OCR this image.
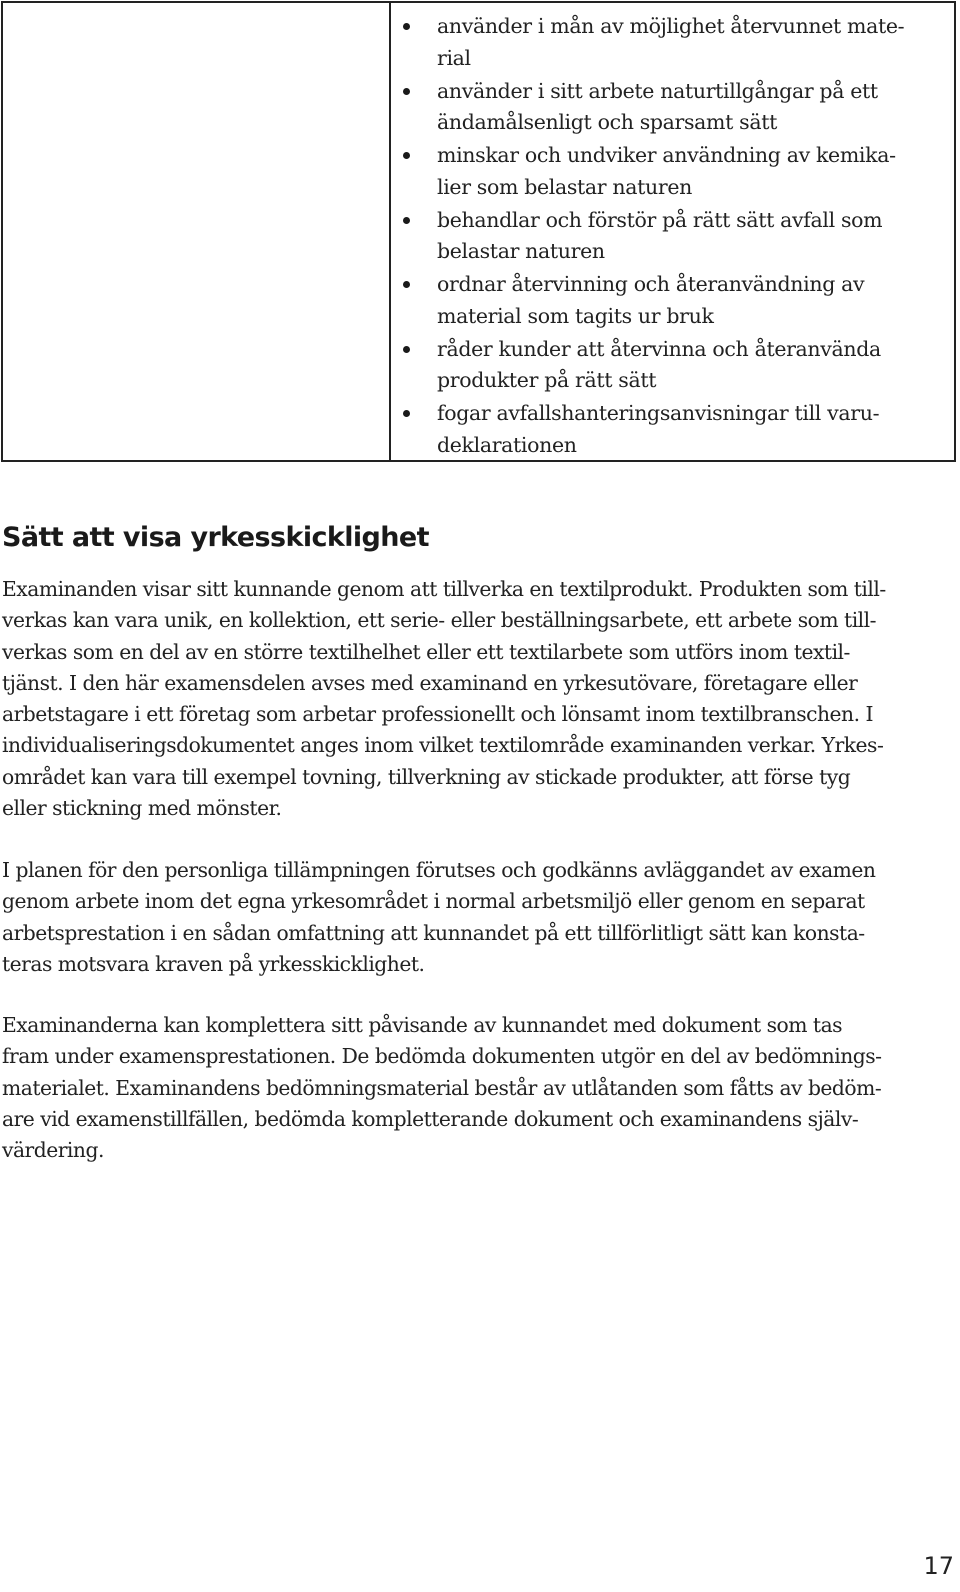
använder i mån av möjlighet återvunnet mate-
rial
använder i sitt arbete naturtillgångar på ett
ändamålsenligt och sparsamt sätt
minskar och undviker användning av kemika-
lier som belastar naturen
behandlar och förstör på rätt sätt avfall som
belastar naturen
ordnar återvinning och återanvändning av
material som tagits ur bruk
råder kunder att återvinna och återanvända
produkter på rätt sätt
fogar avfallshanteringsanvisningar till varu-
deklarationen
Sätt att visa yrkesskicklighet

Examinanden visar sitt kunnande genom att tillverka en textilprodukt. Produkten som till-
verkas kan vara unik, en kollektion, ett serie- eller beställningsarbete, ett arbete som till-
verkas som en del av en större textilhelhet eller ett textilarbete som utförs inom textil-
tjänst. I den här examensdelen avses med examinand en yrkesutövare, företagare eller
arbetstagare i ett företag som arbetar professionellt och lönsamt inom textilbranschen. I
individualiseringsdokumentet anges inom vilket textilområde examinanden verkar. Yrkes-
området kan vara till exempel tovning, tillverkning av stickade produkter, att förse tyg
eller stickning med mönster.

I planen för den personliga tillämpningen förutses och godkänns avläggandet av examen
genom arbete inom det egna yrkesområdet i normal arbetsmiljö eller genom en separat
arbetsprestation i en sådan omfattning att kunnandet på ett tillförlitligt sätt kan konsta-
teras motsvara kraven på yrkesskicklighet.

Examinanderna kan komplettera sitt påvisande av kunnandet med dokument som tas
fram under examensprestationen. De bedömda dokumenten utgör en del av bedömnings-
materialet. Examinandens bedömningsmaterial består av utlåtanden som fåtts av bedöm-
are vid examenstillfällen, bedömda kompletterande dokument och examinandens själv-
värdering.

17
